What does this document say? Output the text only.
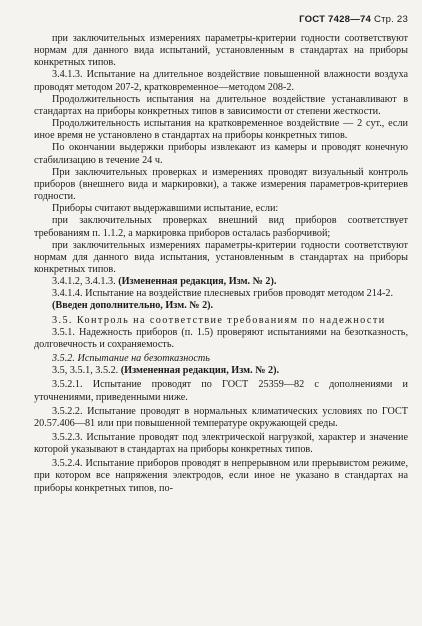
ГОСТ 7428—74 Стр. 23

при заключительных измерениях параметры-критерии годности соответствуют нормам для данного вида испытаний, установленным в стандартах на приборы конкретных типов.

3.4.1.3. Испытание на длительное воздействие повышенной влажности воздуха проводят методом 207-2, кратковременное—методом 208-2.

Продолжительность испытания на длительное воздействие устанавливают в стандартах на приборы конкретных типов в зависимости от степени жесткости.

Продолжительность испытания на кратковременное воздействие — 2 сут., если иное время не установлено в стандартах на приборы конкретных типов.

По окончании выдержки приборы извлекают из камеры и проводят конечную стабилизацию в течение 24 ч.

При заключительных проверках и измерениях проводят визуальный контроль приборов (внешнего вида и маркировки), а также измерения параметров-критериев годности.

Приборы считают выдержавшими испытание, если:

при заключительных проверках внешний вид приборов соответствует требованиям п. 1.1.2, а маркировка приборов осталась разборчивой;

при заключительных измерениях параметры-критерии годности соответствуют нормам для данного вида испытания, установленным в стандартах на приборы конкретных типов.

3.4.1.2, 3.4.1.3. (Измененная редакция, Изм. № 2).

3.4.1.4. Испытание на воздействие плесневых грибов проводят методом 214-2.

(Введен дополнительно, Изм. № 2).

3.5. Контроль на соответствие требованиям по надежности

3.5.1. Надежность приборов (п. 1.5) проверяют испытаниями на безотказность, долговечность и сохраняемость.

3.5.2. Испытание на безотказность

3.5, 3.5.1, 3.5.2. (Измененная редакция, Изм. № 2).

3.5.2.1. Испытание проводят по ГОСТ 25359—82 с дополнениями и уточнениями, приведенными ниже.

3.5.2.2. Испытание проводят в нормальных климатических условиях по ГОСТ 20.57.406—81 или при повышенной температуре окружающей среды.

3.5.2.3. Испытание проводят под электрической нагрузкой, характер и значение которой указывают в стандартах на приборы конкретных типов.

3.5.2.4. Испытание приборов проводят в непрерывном или прерывистом режиме, при котором все напряжения электродов, если иное не указано в стандартах на приборы конкретных типов, по-
